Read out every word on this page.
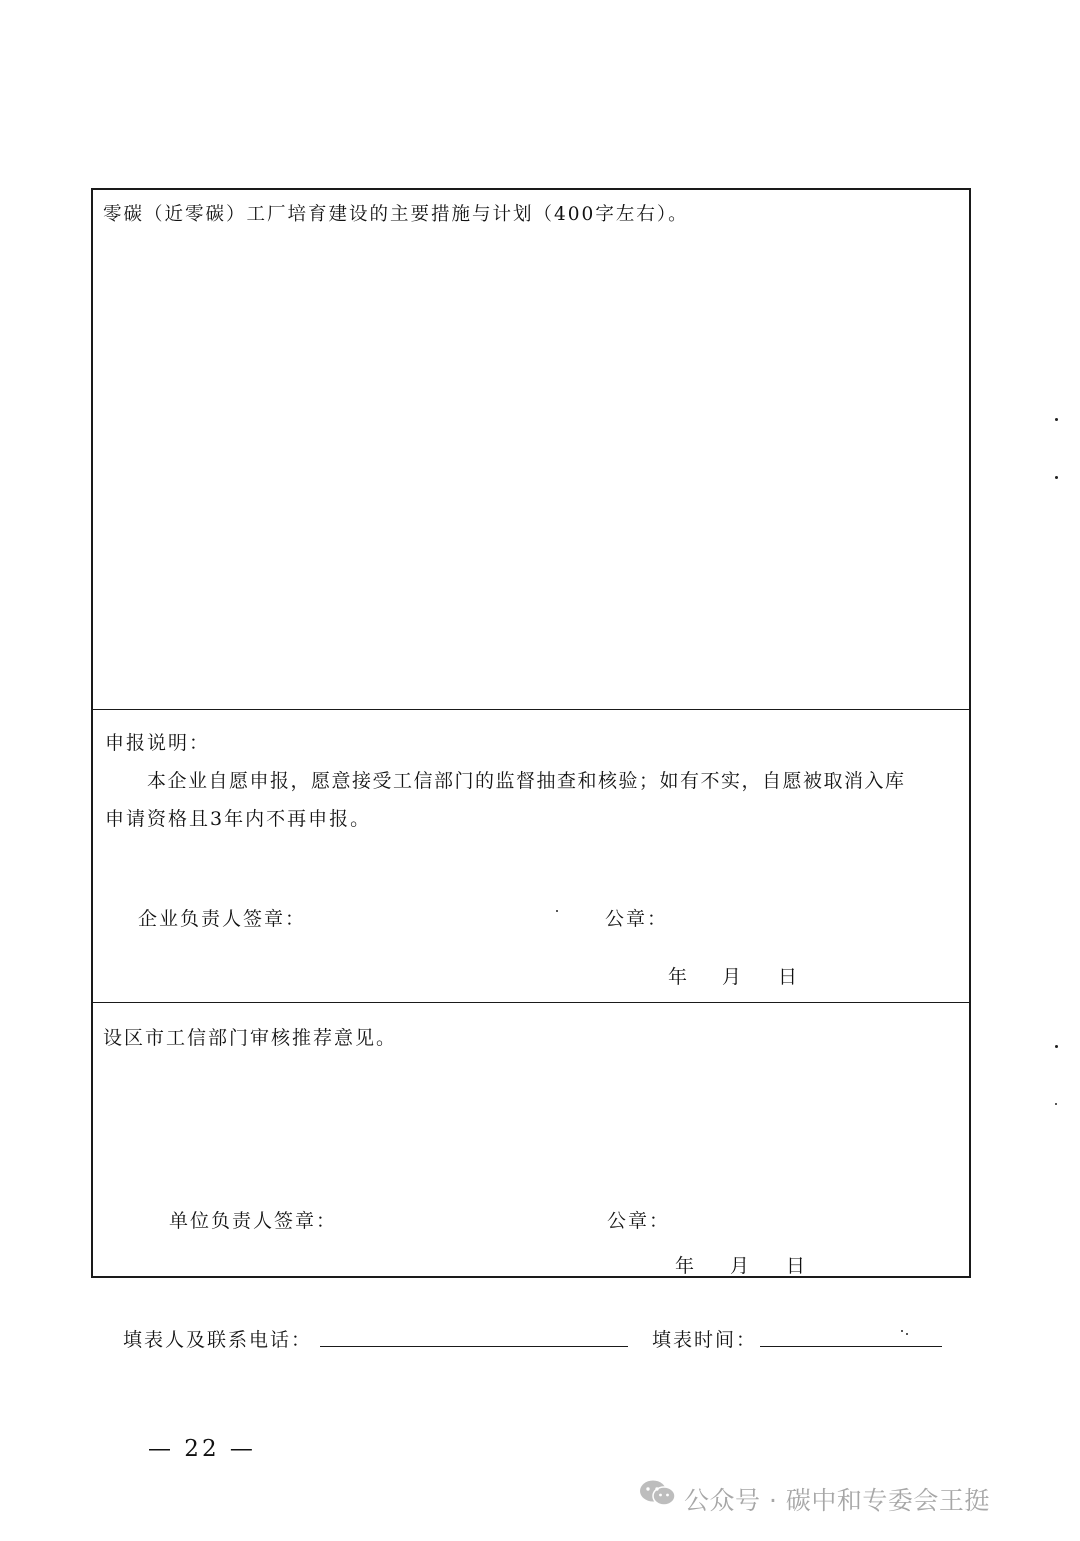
零碳（近零碳）工厂培育建设的主要措施与计划（400字左右）。
申报说明：
本企业自愿申报，愿意接受工信部门的监督抽查和核验；如有不实，自愿被取消入库
申请资格且3年内不再申报。
企业负责人签章：	公章：
年 月 日
设区市工信部门审核推荐意见。
单位负责人签章：	公章：
年 月 日
填表人及联系电话：	填表时间：
— 22 —
公众号 · 碳中和专委会王挺
